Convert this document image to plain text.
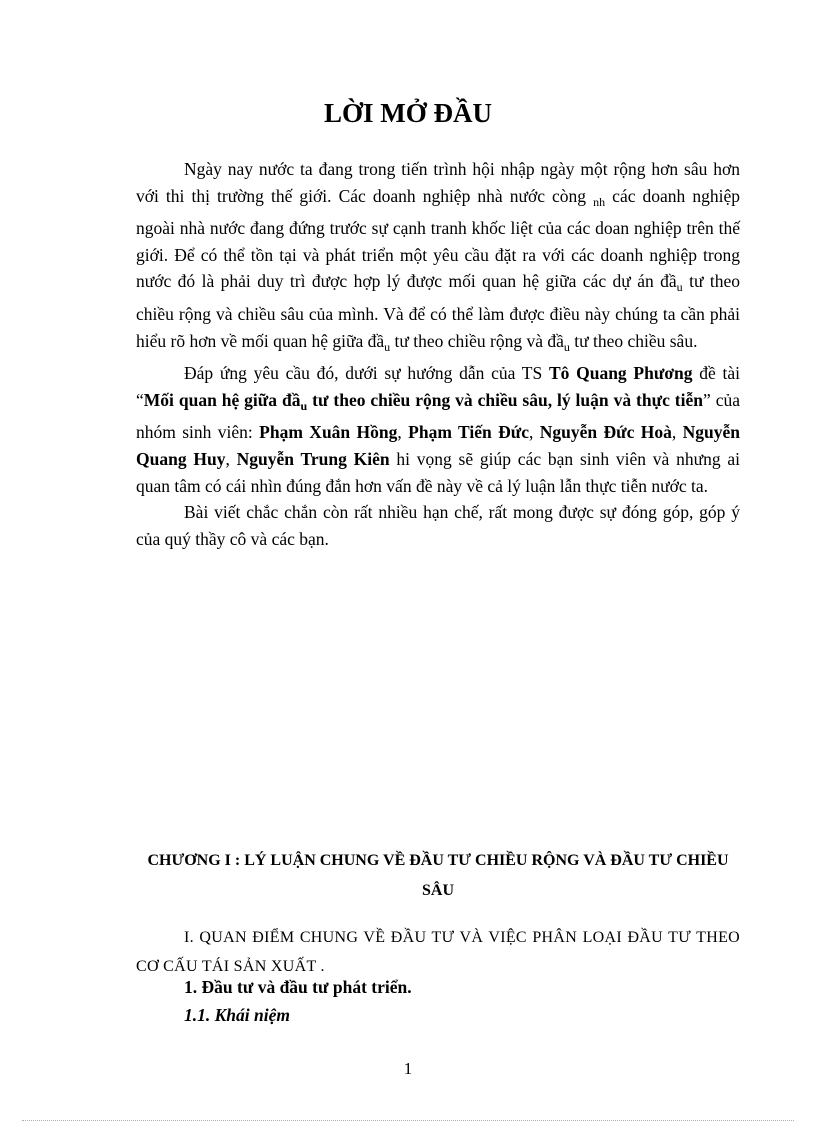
LỜI MỞ ĐẦU

Ngày nay nước ta đang trong tiến trình hội nhập ngày một rộng hơn sâu hơn với thi thị trường thế giới. Các doanh nghiệp nhà nước còng $_{nh}$ các doanh nghiệp ngoài nhà nước đang đứng trước sự cạnh tranh khốc liệt của các doan nghiệp trên thế giới. Để có thể tồn tại và phát triển một yêu cầu đặt ra với các doanh nghiệp trong nước đó là phải duy trì được hợp lý được mối quan hệ giữa các dự án đầ$_u$ tư theo chiều rộng và chiều sâu của mình. Và để có thể làm được điều này chúng ta cần phải hiểu rõ hơn về mối quan hệ giữa đầ$_u$ tư theo chiều rộng và đầ$_u$ tư theo chiều sâu.

Đáp ứng yêu cầu đó, dưới sự hướng dẫn của TS Tô Quang Phương đề tài “Mối quan hệ giữa đầ$_u$ tư theo chiều rộng và chiều sâu, lý luận và thực tiễn” của nhóm sinh viên: Phạm Xuân Hồng, Phạm Tiến Đức, Nguyễn Đức Hoà, Nguyễn Quang Huy, Nguyễn Trung Kiên hi vọng sẽ giúp các bạn sinh viên và nhưng ai quan tâm có cái nhìn đúng đắn hơn vấn đề này về cả lý luận lẫn thực tiễn nước ta.

Bài viết chắc chắn còn rất nhiều hạn chế, rất mong được sự đóng góp, góp ý của quý thầy cô và các bạn.

CHƯƠNG I : LÝ LUẬN CHUNG VỀ ĐẦU TƯ CHIỀU RỘNG VÀ ĐẦU TƯ CHIỀU SÂU
I. QUAN ĐIỂM CHUNG VỀ ĐẦU TƯ VÀ VIỆC PHÂN LOẠI ĐẦU TƯ THEO CƠ CẤU TÁI SẢN XUẤT .
1. Đầu tư và đầu tư phát triển.
1.1. Khái niệm
1
